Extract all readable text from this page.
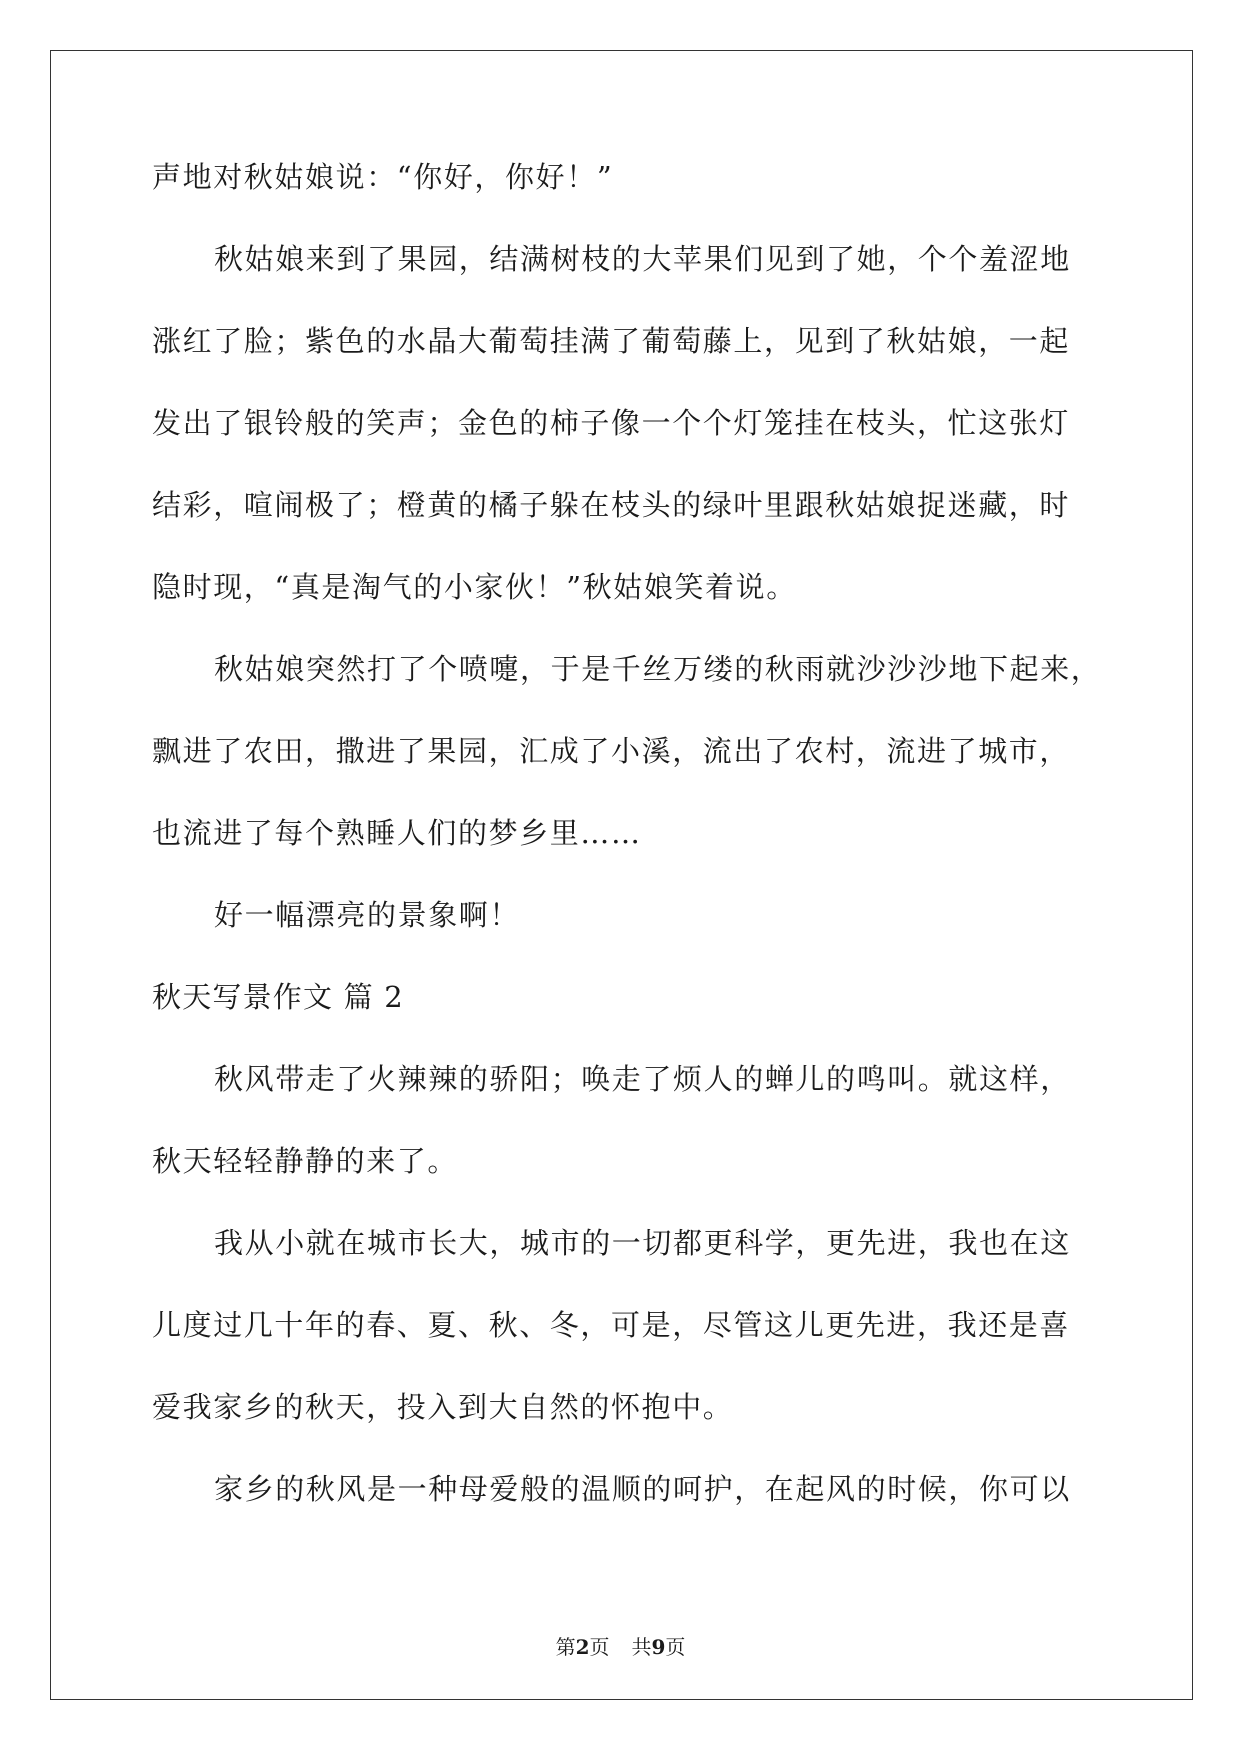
声地对秋姑娘说：“你好，你好！”

秋姑娘来到了果园，结满树枝的大苹果们见到了她，个个羞涩地

涨红了脸；紫色的水晶大葡萄挂满了葡萄藤上，见到了秋姑娘，一起

发出了银铃般的笑声；金色的柿子像一个个灯笼挂在枝头，忙这张灯

结彩，喧闹极了；橙黄的橘子躲在枝头的绿叶里跟秋姑娘捉迷藏，时

隐时现，“真是淘气的小家伙！”秋姑娘笑着说。

秋姑娘突然打了个喷嚏，于是千丝万缕的秋雨就沙沙沙地下起来，

飘进了农田，撒进了果园，汇成了小溪，流出了农村，流进了城市，

也流进了每个熟睡人们的梦乡里……

好一幅漂亮的景象啊！

秋天写景作文 篇 2

秋风带走了火辣辣的骄阳；唤走了烦人的蝉儿的鸣叫。就这样，

秋天轻轻静静的来了。

我从小就在城市长大，城市的一切都更科学，更先进，我也在这

儿度过几十年的春、夏、秋、冬，可是，尽管这儿更先进，我还是喜

爱我家乡的秋天，投入到大自然的怀抱中。

家乡的秋风是一种母爱般的温顺的呵护，在起风的时候，你可以

第2页 共9页
